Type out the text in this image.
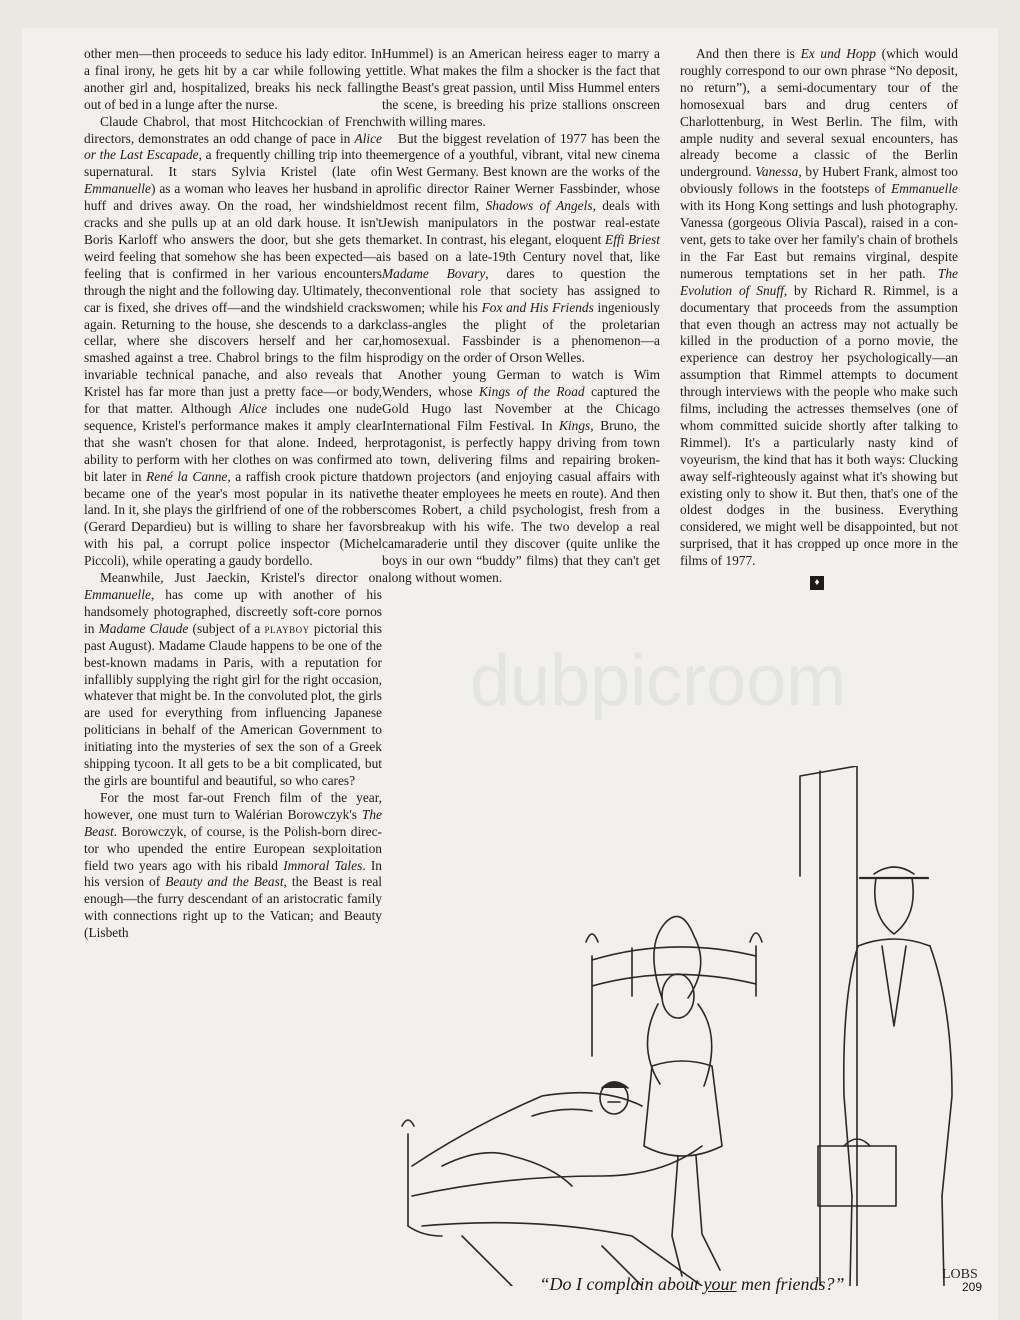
other men—then proceeds to seduce his lady editor. In a final irony, he gets hit by a car while following yet another girl and, hospitalized, breaks his neck falling out of bed in a lunge after the nurse.

Claude Chabrol, that most Hitchcockian of French directors, demonstrates an odd change of pace in Alice or the Last Escapade, a frequently chilling trip into the supernatural. It stars Sylvia Kristel (late of Emmanuelle) as a woman who leaves her husband in a huff and drives away. On the road, her windshield cracks and she pulls up at an old dark house. It isn't Boris Karloff who answers the door, but she gets the weird feeling that somehow she has been expected—a feeling that is confirmed in her various encounters through the night and the following day. Ultimately, the car is fixed, she drives off—and the windshield cracks again. Returning to the house, she descends to a dark cellar, where she discovers herself and her car, smashed against a tree. Chabrol brings to the film his invariable technical panache, and also reveals that Kristel has far more than just a pretty face—or body, for that matter. Although Alice includes one nude sequence, Kristel's performance makes it amply clear that she wasn't chosen for that alone. Indeed, her ability to perform with her clothes on was confirmed a bit later in René la Canne, a raffish crook picture that became one of the year's most popular in its native land. In it, she plays the girlfriend of one of the robbers (Gerard Depardieu) but is willing to share her favors with his pal, a corrupt police inspector (Michel Piccoli), while operating a gaudy bordello.

Meanwhile, Just Jaeckin, Kristel's director on Emmanuelle, has come up with another of his handsomely photographed, discreetly soft-core pornos in Madame Claude (subject of a playboy pictorial this past August). Madame Claude happens to be one of the best-known madams in Paris, with a reputation for infallibly supplying the right girl for the right occasion, whatever that might be. In the convoluted plot, the girls are used for everything from influencing Japanese politicians in behalf of the American Government to initiating into the mysteries of sex the son of a Greek shipping tycoon. It all gets to be a bit complicated, but the girls are bountiful and beautiful, so who cares?

For the most far-out French film of the year, however, one must turn to Walérian Borowczyk's The Beast. Borowczyk, of course, is the Polish-born director who upended the entire European sexploitation field two years ago with his ribald Immoral Tales. In his version of Beauty and the Beast, the Beast is real enough—the furry descendant of an aristocratic family with connections right up to the Vatican; and Beauty (Lisbeth

Hummel) is an American heiress eager to marry a title. What makes the film a shocker is the fact that the Beast's great passion, until Miss Hummel enters the scene, is breeding his prize stallions onscreen with willing mares.

But the biggest revelation of 1977 has been the emergence of a youthful, vibrant, vital new cinema in West Germany. Best known are the works of the prolific director Rainer Werner Fassbinder, whose most recent film, Shadows of Angels, deals with Jewish manipulators in the postwar real-estate market. In contrast, his elegant, eloquent Effi Briest is based on a late-19th Century novel that, like Madame Bovary, dares to question the conventional role that society has assigned to women; while his Fox and His Friends ingeniously class-angles the plight of the proletarian homosexual. Fassbinder is a phenomenon—a prodigy on the order of Orson Welles.

Another young German to watch is Wim Wenders, whose Kings of the Road captured the Gold Hugo last November at the Chicago International Film Festival. In Kings, Bruno, the protagonist, is perfectly happy driving from town to town, delivering films and repairing broken-down projectors (and enjoying casual affairs with the theater employees he meets en route). And then comes Robert, a child psychologist, fresh from a breakup with his wife. The two develop a real camaraderie until they discover (quite unlike the boys in our own “buddy” films) that they can't get along without women.

And then there is Ex und Hopp (which would roughly correspond to our own phrase “No deposit, no return”), a semi-documentary tour of the homosexual bars and drug centers of Charlottenburg, in West Berlin. The film, with ample nudity and several sexual encounters, has already become a classic of the Berlin underground. Vanessa, by Hubert Frank, almost too obviously follows in the footsteps of Emmanuelle with its Hong Kong settings and lush photography. Vanessa (gorgeous Olivia Pascal), raised in a convent, gets to take over her family's chain of brothels in the Far East but remains virginal, despite numerous temptations set in her path. The Evolution of Snuff, by Richard R. Rimmel, is a documentary that proceeds from the assumption that even though an actress may not actually be killed in the production of a porno movie, the experience can destroy her psychologically—an assumption that Rimmel attempts to document through interviews with the people who make such films, including the actresses themselves (one of whom committed suicide shortly after talking to Rimmel). It's a particularly nasty kind of voyeurism, the kind that has it both ways: Clucking away self-righteously against what it's showing but existing only to show it. But then, that's one of the oldest dodges in the business. Everything considered, we might well be disappointed, but not surprised, that it has cropped up once more in the films of 1977.

♦
LOBS
“Do I complain about your men friends?”	209
dubpicroom
